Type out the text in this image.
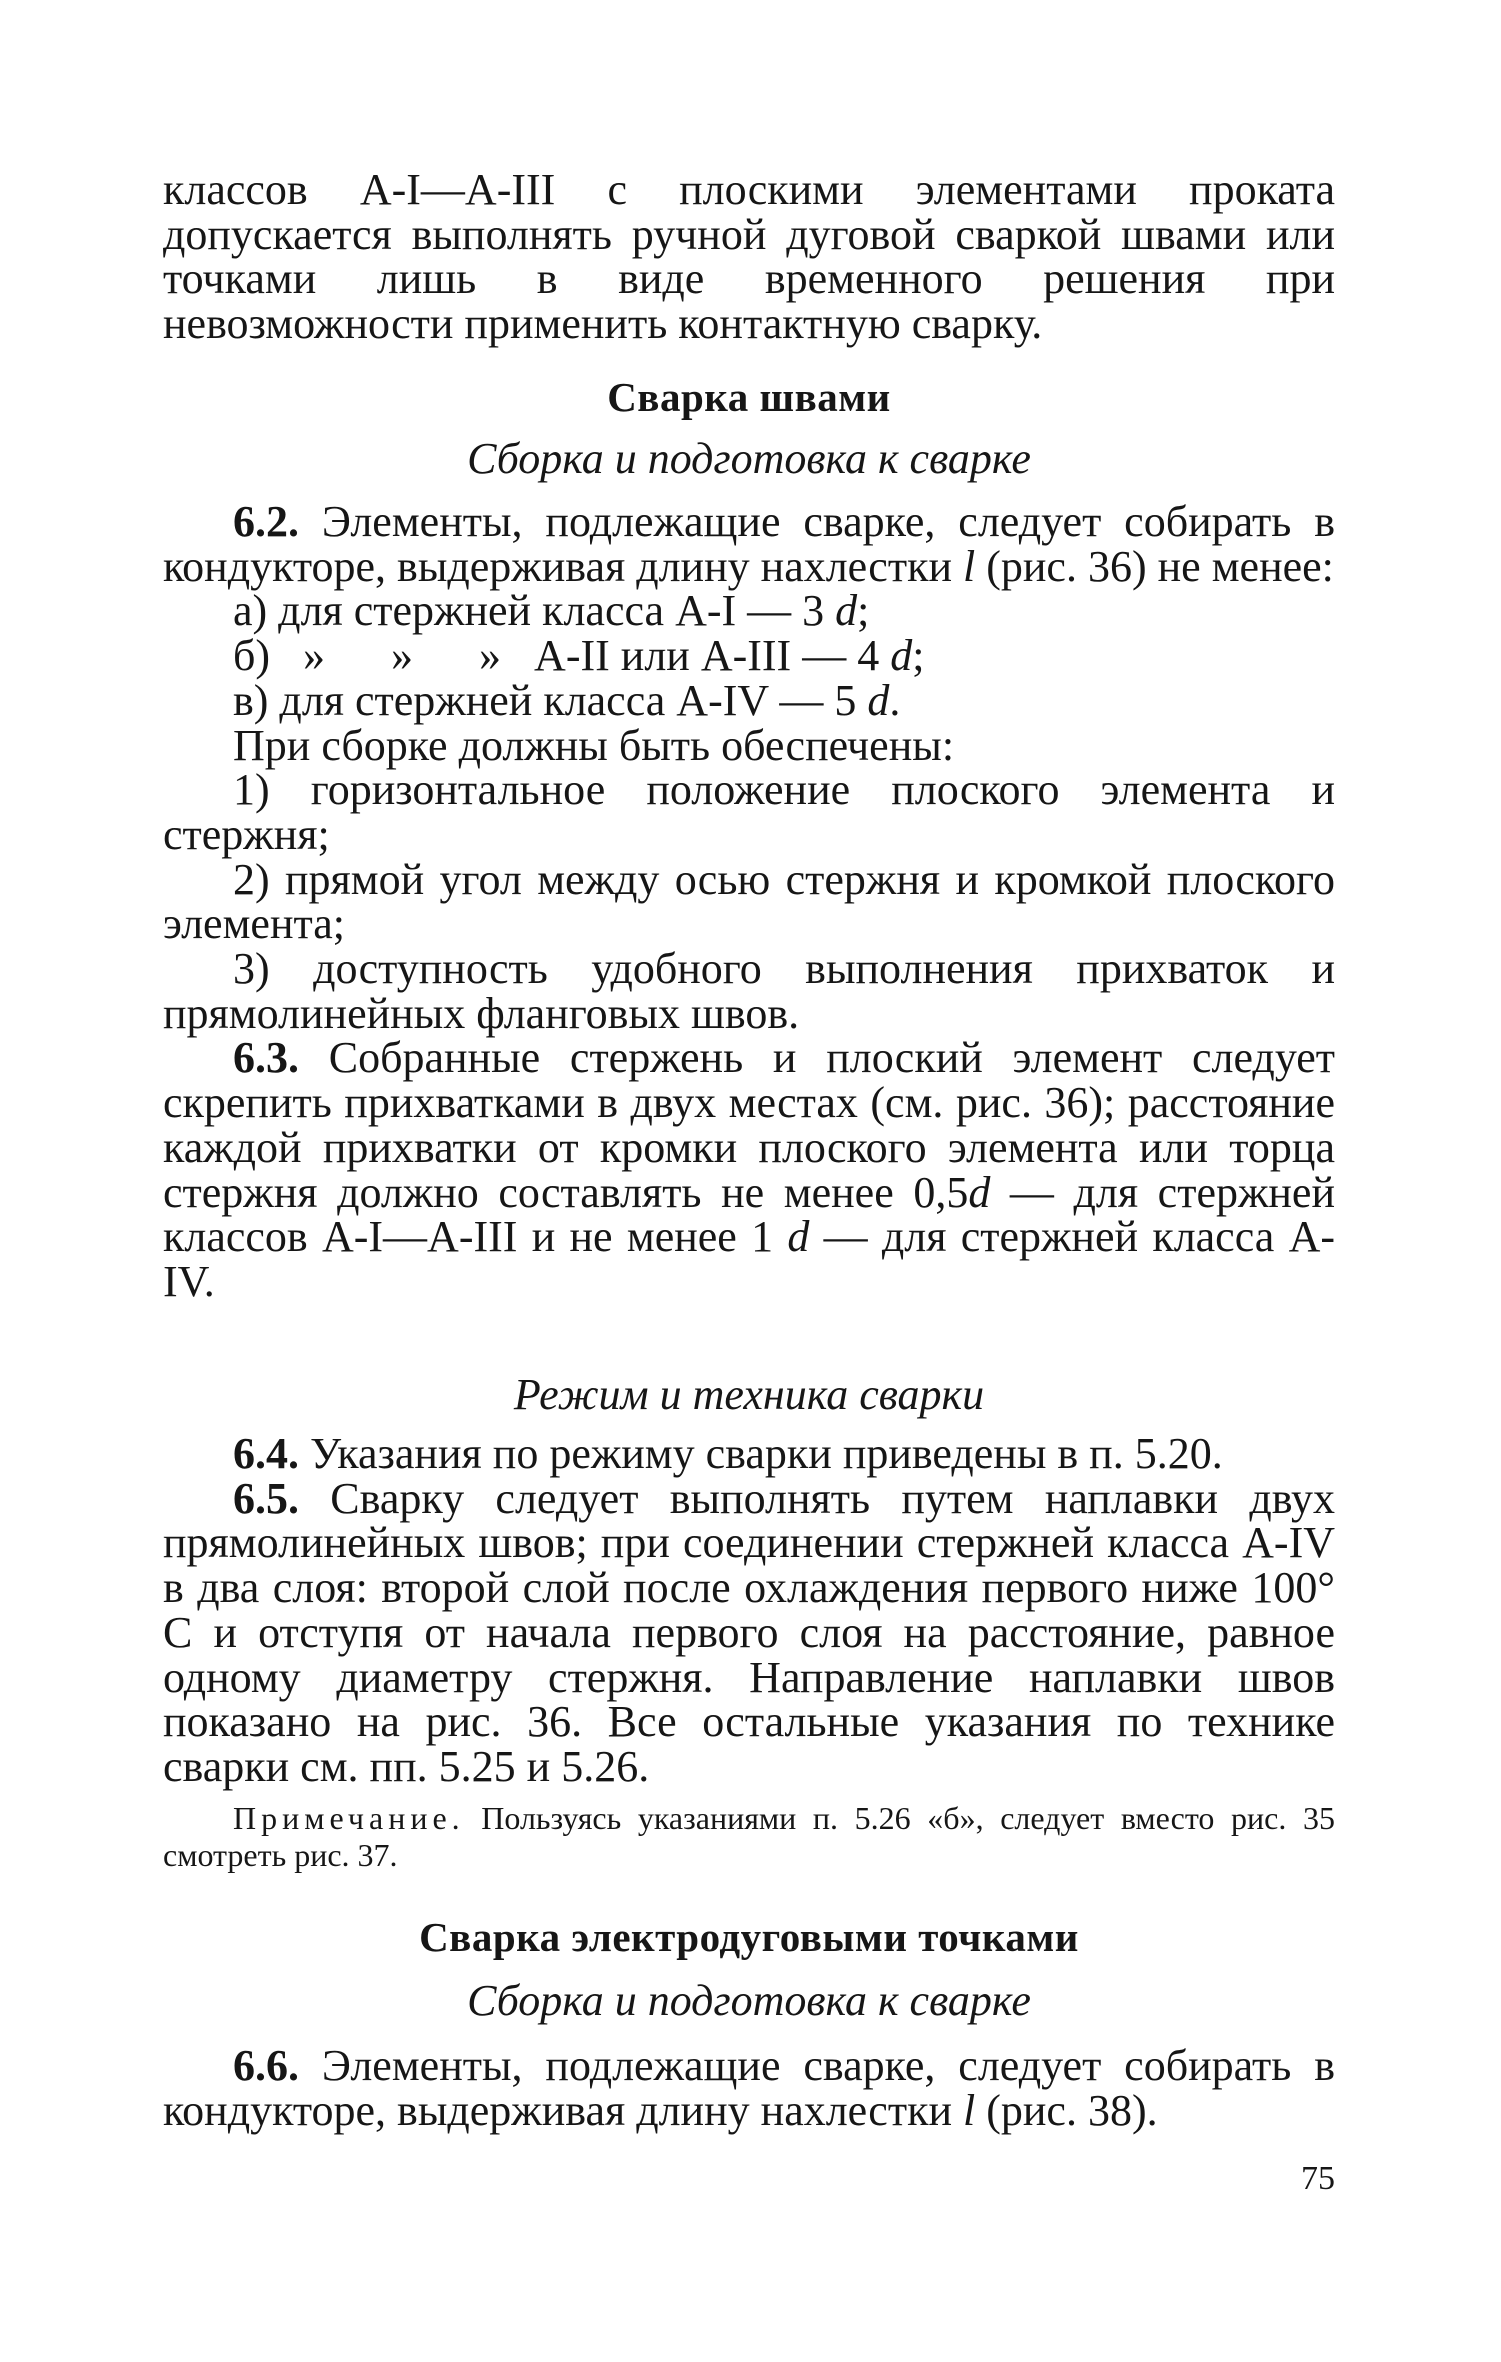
классов А-I—А-III с плоскими элементами проката допускается выполнять ручной дуговой сваркой швами или точками лишь в виде временного решения при невозможности применить контактную сварку.

Сварка швами

Сборка и подготовка к сварке

6.2. Элементы, подлежащие сварке, следует собирать в кондукторе, выдерживая длину нахлестки l (рис. 36) не менее:

а) для стержней класса А-I — 3 d;
б)   »      »      »   А-II или А-III — 4 d;
в) для стержней класса А-IV — 5 d.
При сборке должны быть обеспечены:
1) горизонтальное положение плоского элемента и стержня;
2) прямой угол между осью стержня и кромкой плоского элемента;
3) доступность удобного выполнения прихваток и прямолинейных фланговых швов.

6.3. Собранные стержень и плоский элемент следует скрепить прихватками в двух местах (см. рис. 36); расстояние каждой прихватки от кромки плоского элемента или торца стержня должно составлять не менее 0,5d — для стержней классов А-I—А-III и не менее 1 d — для стержней класса А-IV.

Режим и техника сварки

6.4. Указания по режиму сварки приведены в п. 5.20.

6.5. Сварку следует выполнять путем наплавки двух прямолинейных швов; при соединении стержней класса А-IV в два слоя: второй слой после охлаждения первого ниже 100° С и отступя от начала первого слоя на расстояние, равное одному диаметру стержня. Направление наплавки швов показано на рис. 36. Все остальные указания по технике сварки см. пп. 5.25 и 5.26.

Примечание. Пользуясь указаниями п. 5.26 «б», следует вместо рис. 35 смотреть рис. 37.

Сварка электродуговыми точками

Сборка и подготовка к сварке

6.6. Элементы, подлежащие сварке, следует собирать в кондукторе, выдерживая длину нахлестки l (рис. 38).

75
